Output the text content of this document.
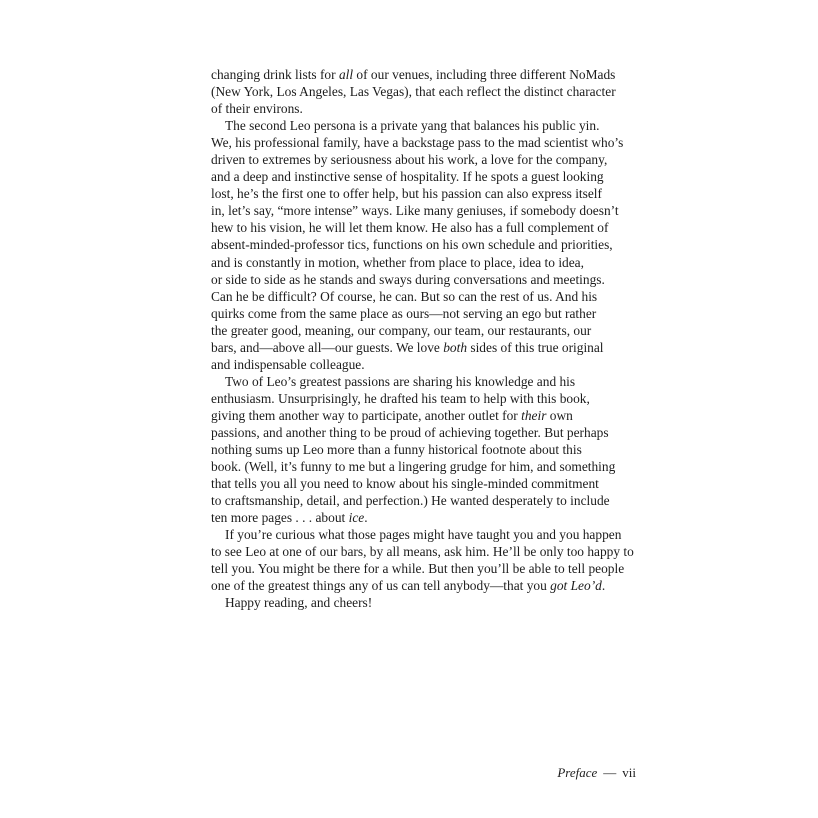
changing drink lists for all of our venues, including three different NoMads
(New York, Los Angeles, Las Vegas), that each reflect the distinct character
of their environs.
The second Leo persona is a private yang that balances his public yin.
We, his professional family, have a backstage pass to the mad scientist who’s
driven to extremes by seriousness about his work, a love for the company,
and a deep and instinctive sense of hospitality. If he spots a guest looking
lost, he’s the first one to offer help, but his passion can also express itself
in, let’s say, “more intense” ways. Like many geniuses, if somebody doesn’t
hew to his vision, he will let them know. He also has a full complement of
absent-minded-professor tics, functions on his own schedule and priorities,
and is constantly in motion, whether from place to place, idea to idea,
or side to side as he stands and sways during conversations and meetings.
Can he be difficult? Of course, he can. But so can the rest of us. And his
quirks come from the same place as ours—not serving an ego but rather
the greater good, meaning, our company, our team, our restaurants, our
bars, and—above all—our guests. We love both sides of this true original
and indispensable colleague.
Two of Leo’s greatest passions are sharing his knowledge and his
enthusiasm. Unsurprisingly, he drafted his team to help with this book,
giving them another way to participate, another outlet for their own
passions, and another thing to be proud of achieving together. But perhaps
nothing sums up Leo more than a funny historical footnote about this
book. (Well, it’s funny to me but a lingering grudge for him, and something
that tells you all you need to know about his single-minded commitment
to craftsmanship, detail, and perfection.) He wanted desperately to include
ten more pages . . . about ice.
If you’re curious what those pages might have taught you and you happen
to see Leo at one of our bars, by all means, ask him. He’ll be only too happy to
tell you. You might be there for a while. But then you’ll be able to tell people
one of the greatest things any of us can tell anybody—that you got Leo’d.
Happy reading, and cheers!
Preface — vii
